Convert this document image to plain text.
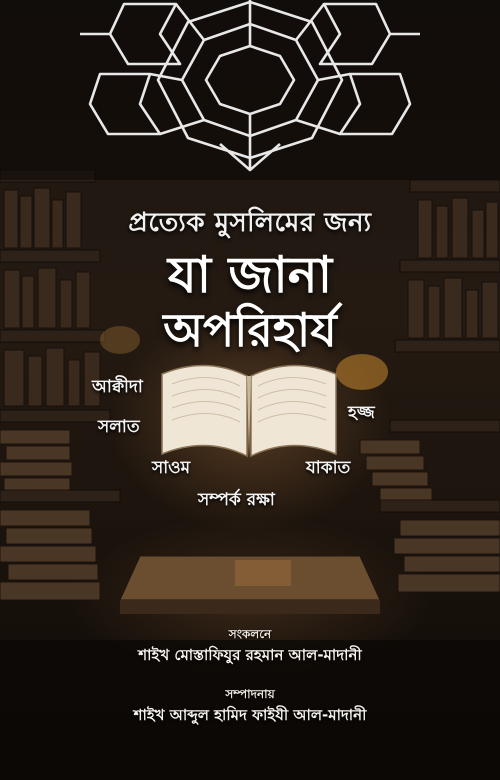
প্রত্যেক মুসলিমের জন্য
যা জানা
অপরিহার্য
আক্বীদা
সলাত
হজ্জ
সাওম	যাকাত
সম্পর্ক রক্ষা
সংকলনে
শাইখ মোস্তাফিযুর রহমান আল-মাদানী
সম্পাদনায়
শাইখ আব্দুল হামিদ ফাইযী আল-মাদানী
